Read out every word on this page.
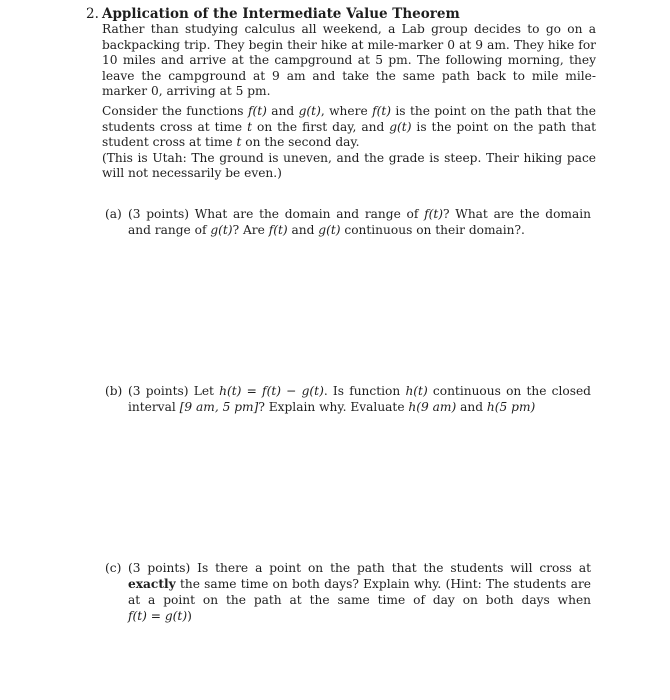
2. Application of the Intermediate Value Theorem

Rather than studying calculus all weekend, a Lab group decides to go on a backpacking trip. They begin their hike at mile-marker 0 at 9 am. They hike for 10 miles and arrive at the campground at 5 pm. The following morning, they leave the campground at 9 am and take the same path back to mile mile-marker 0, arriving at 5 pm.

Consider the functions f(t) and g(t), where f(t) is the point on the path that the students cross at time t on the first day, and g(t) is the point on the path that student cross at time t on the second day.

(This is Utah: The ground is uneven, and the grade is steep. Their hiking pace will not necessarily be even.)

(a) (3 points) What are the domain and range of f(t)? What are the domain and range of g(t)? Are f(t) and g(t) continuous on their domain?.
(b) (3 points) Let h(t) = f(t) − g(t). Is function h(t) continuous on the closed interval [9 am, 5 pm]? Explain why. Evaluate h(9 am) and h(5 pm)
(c) (3 points) Is there a point on the path that the students will cross at exactly the same time on both days? Explain why. (Hint: The students are at a point on the path at the same time of day on both days when f(t) = g(t))
